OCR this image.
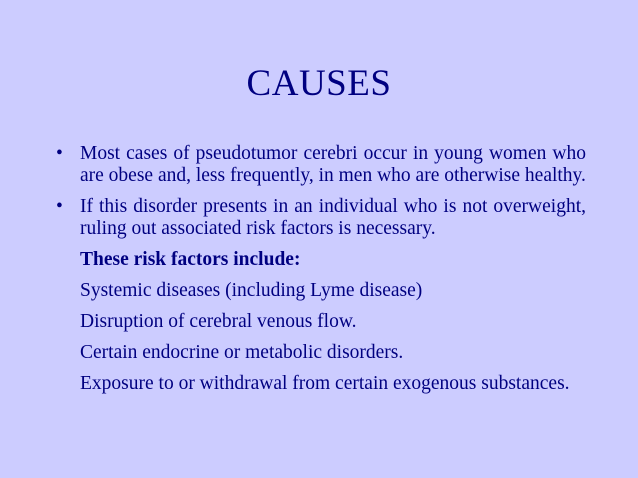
CAUSES
• Most cases of pseudotumor cerebri occur in young women who are obese and, less frequently, in men who are otherwise healthy.
• If this disorder presents in an individual who is not overweight, ruling out associated risk factors is necessary.
These risk factors include:
Systemic diseases (including Lyme disease)
Disruption of cerebral venous flow.
Certain endocrine or metabolic disorders.
Exposure to or withdrawal from certain exogenous substances.
